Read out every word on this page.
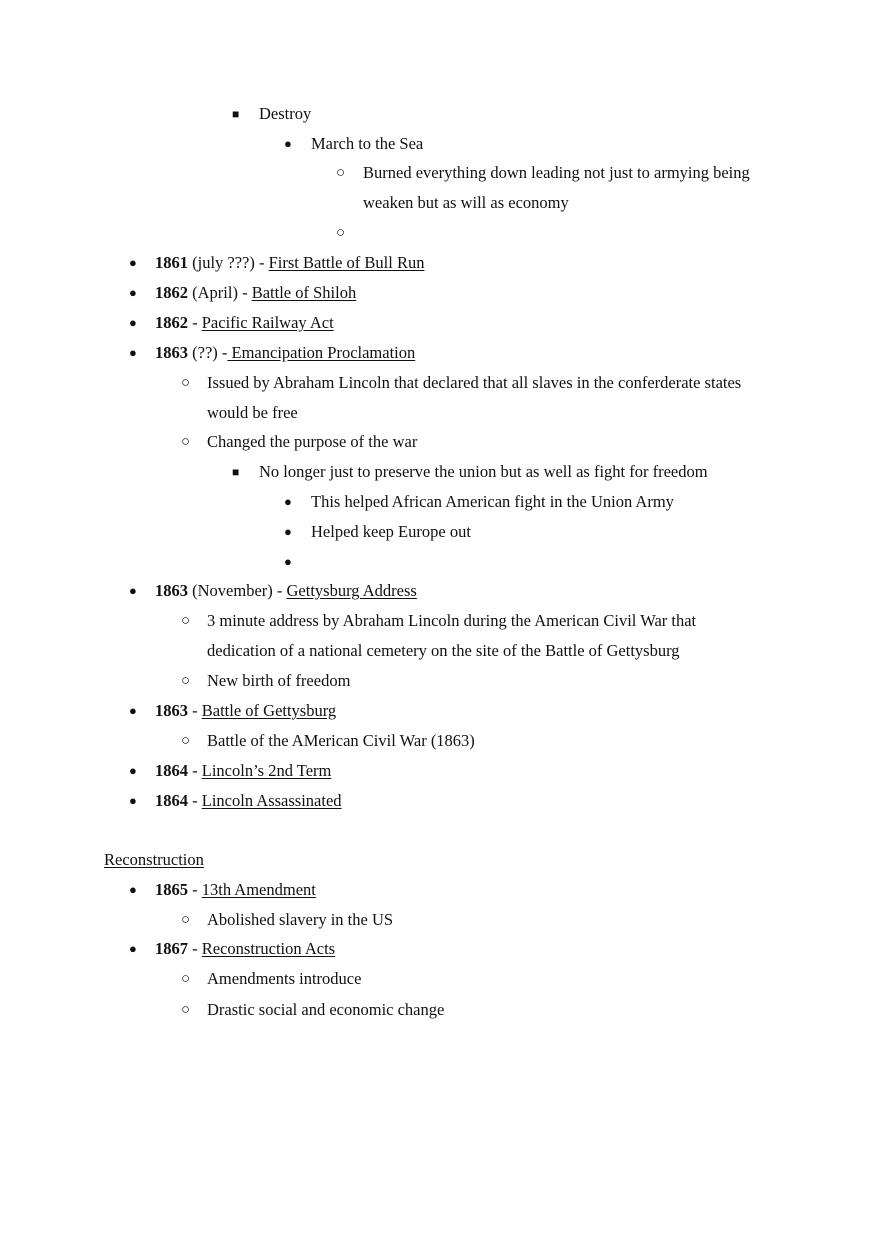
■ Destroy
● March to the Sea
○ Burned everything down leading not just to armying being
weaken but as will as economy
○
● 1861 (july ???) - First Battle of Bull Run
● 1862 (April) - Battle of Shiloh
● 1862 - Pacific Railway Act
● 1863 (??) - Emancipation Proclamation
○ Issued by Abraham Lincoln that declared that all slaves in the conferderate states
would be free
○ Changed the purpose of the war
■ No longer just to preserve the union but as well as fight for freedom
● This helped African American fight in the Union Army
● Helped keep Europe out
●
● 1863 (November) - Gettysburg Address
○ 3 minute address by Abraham Lincoln during the American Civil War that
dedication of a national cemetery on the site of the Battle of Gettysburg
○ New birth of freedom
● 1863 - Battle of Gettysburg
○ Battle of the AMerican Civil War (1863)
● 1864 - Lincoln’s 2nd Term
● 1864 - Lincoln Assassinated
Reconstruction
● 1865 - 13th Amendment
○ Abolished slavery in the US
● 1867 - Reconstruction Acts
○ Amendments introduce
○ Drastic social and economic change
